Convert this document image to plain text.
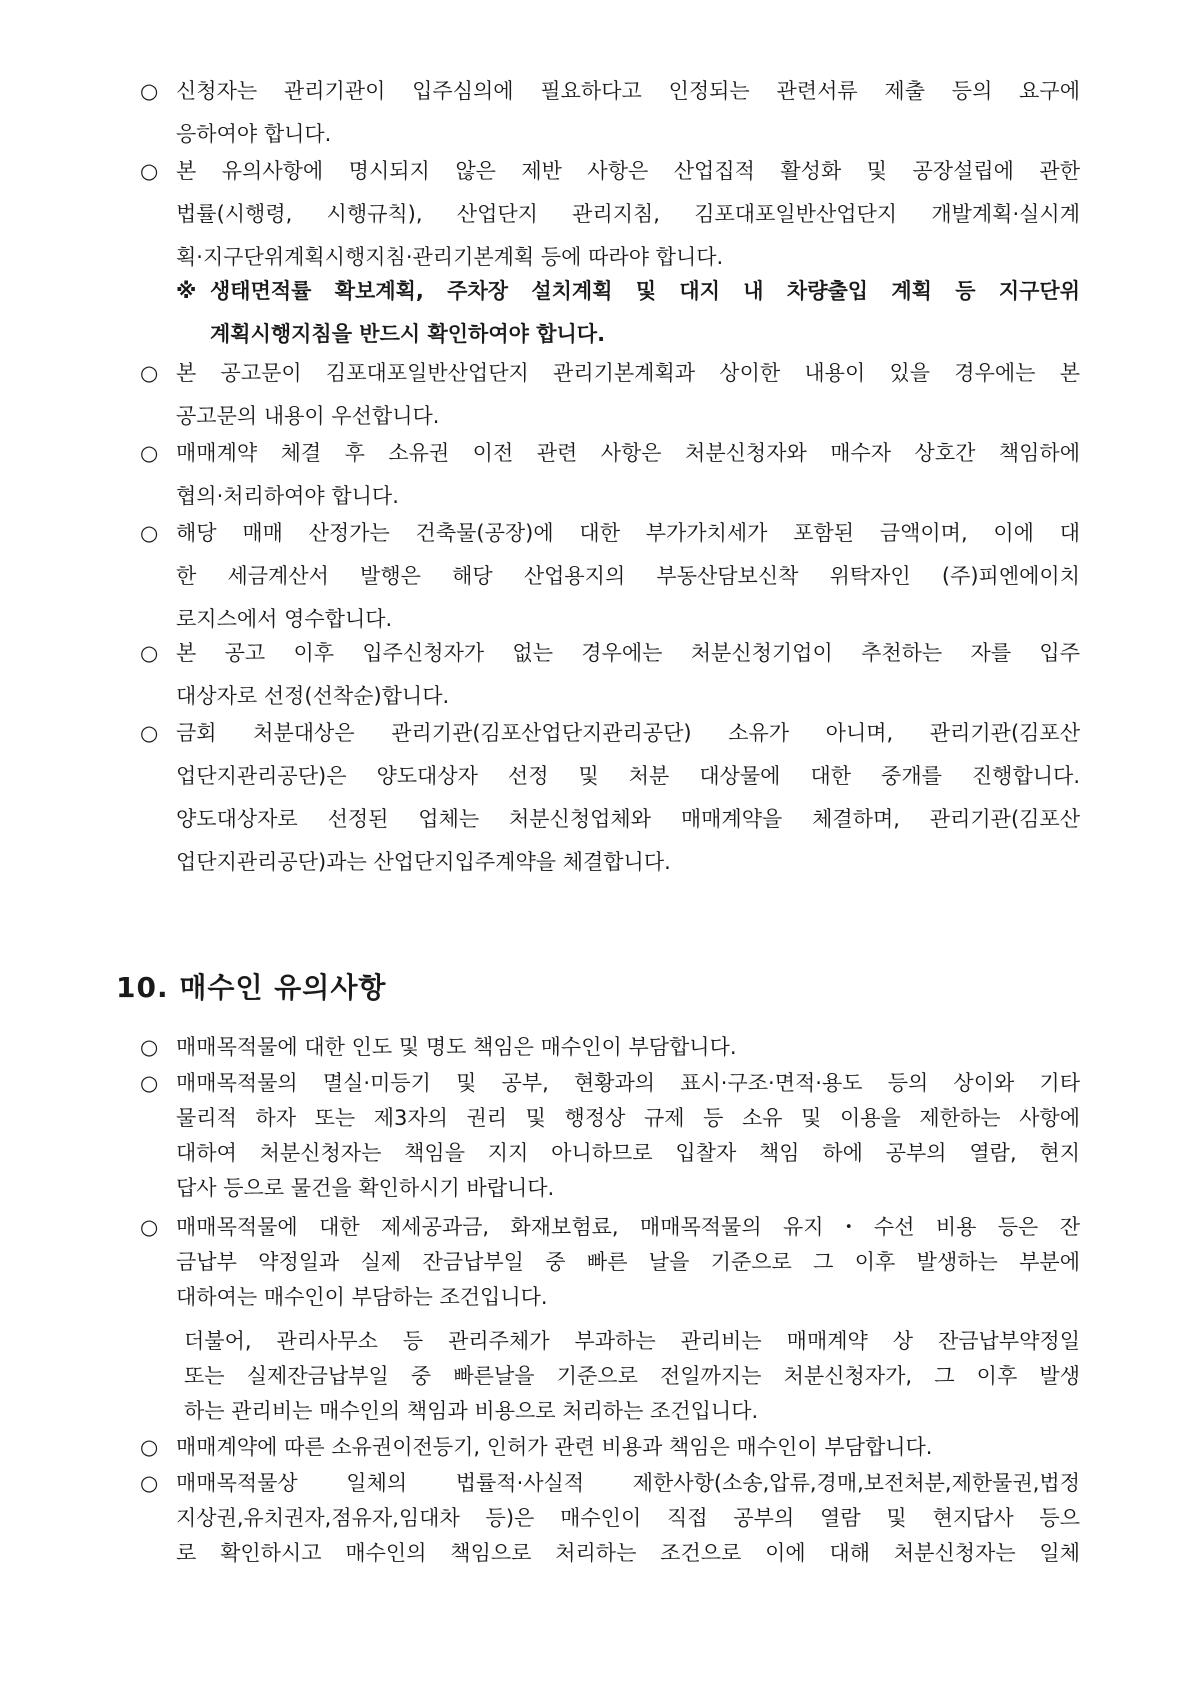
○ 신청자는 관리기관이 입주심의에 필요하다고 인정되는 관련서류 제출 등의 요구에
응하여야 합니다.
○ 본 유의사항에 명시되지 않은 제반 사항은 산업집적 활성화 및 공장설립에 관한
법률(시행령, 시행규칙), 산업단지 관리지침, 김포대포일반산업단지 개발계획·실시계
획·지구단위계획시행지침·관리기본계획 등에 따라야 합니다.
※ 생태면적률 확보계획, 주차장 설치계획 및 대지 내 차량출입 계획 등 지구단위
계획시행지침을 반드시 확인하여야 합니다.
○ 본 공고문이 김포대포일반산업단지 관리기본계획과 상이한 내용이 있을 경우에는 본
공고문의 내용이 우선합니다.
○ 매매계약 체결 후 소유권 이전 관련 사항은 처분신청자와 매수자 상호간 책임하에
협의·처리하여야 합니다.
○ 해당 매매 산정가는 건축물(공장)에 대한 부가가치세가 포함된 금액이며, 이에 대
한 세금계산서 발행은 해당 산업용지의 부동산담보신착 위탁자인 (주)피엔에이치
로지스에서 영수합니다.
○ 본 공고 이후 입주신청자가 없는 경우에는 처분신청기업이 추천하는 자를 입주
대상자로 선정(선착순)합니다.
○ 금회 처분대상은 관리기관(김포산업단지관리공단) 소유가 아니며, 관리기관(김포산
업단지관리공단)은 양도대상자 선정 및 처분 대상물에 대한 중개를 진행합니다.
양도대상자로 선정된 업체는 처분신청업체와 매매계약을 체결하며, 관리기관(김포산
업단지관리공단)과는 산업단지입주계약을 체결합니다.
10. 매수인 유의사항
○ 매매목적물에 대한 인도 및 명도 책임은 매수인이 부담합니다.
○ 매매목적물의 멸실·미등기 및 공부, 현황과의 표시·구조·면적·용도 등의 상이와 기타
물리적 하자 또는 제3자의 권리 및 행정상 규제 등 소유 및 이용을 제한하는 사항에
대하여 처분신청자는 책임을 지지 아니하므로 입찰자 책임 하에 공부의 열람, 현지
답사 등으로 물건을 확인하시기 바랍니다.
○ 매매목적물에 대한 제세공과금, 화재보험료, 매매목적물의 유지・수선 비용 등은 잔
금납부 약정일과 실제 잔금납부일 중 빠른 날을 기준으로 그 이후 발생하는 부분에
대하여는 매수인이 부담하는 조건입니다.
더불어, 관리사무소 등 관리주체가 부과하는 관리비는 매매계약 상 잔금납부약정일
또는 실제잔금납부일 중 빠른날을 기준으로 전일까지는 처분신청자가, 그 이후 발생
하는 관리비는 매수인의 책임과 비용으로 처리하는 조건입니다.
○ 매매계약에 따른 소유권이전등기, 인허가 관련 비용과 책임은 매수인이 부담합니다.
○ 매매목적물상 일체의 법률적·사실적 제한사항(소송,압류,경매,보전처분,제한물권,법정
지상권,유치권자,점유자,임대차 등)은 매수인이 직접 공부의 열람 및 현지답사 등으
로 확인하시고 매수인의 책임으로 처리하는 조건으로 이에 대해 처분신청자는 일체
